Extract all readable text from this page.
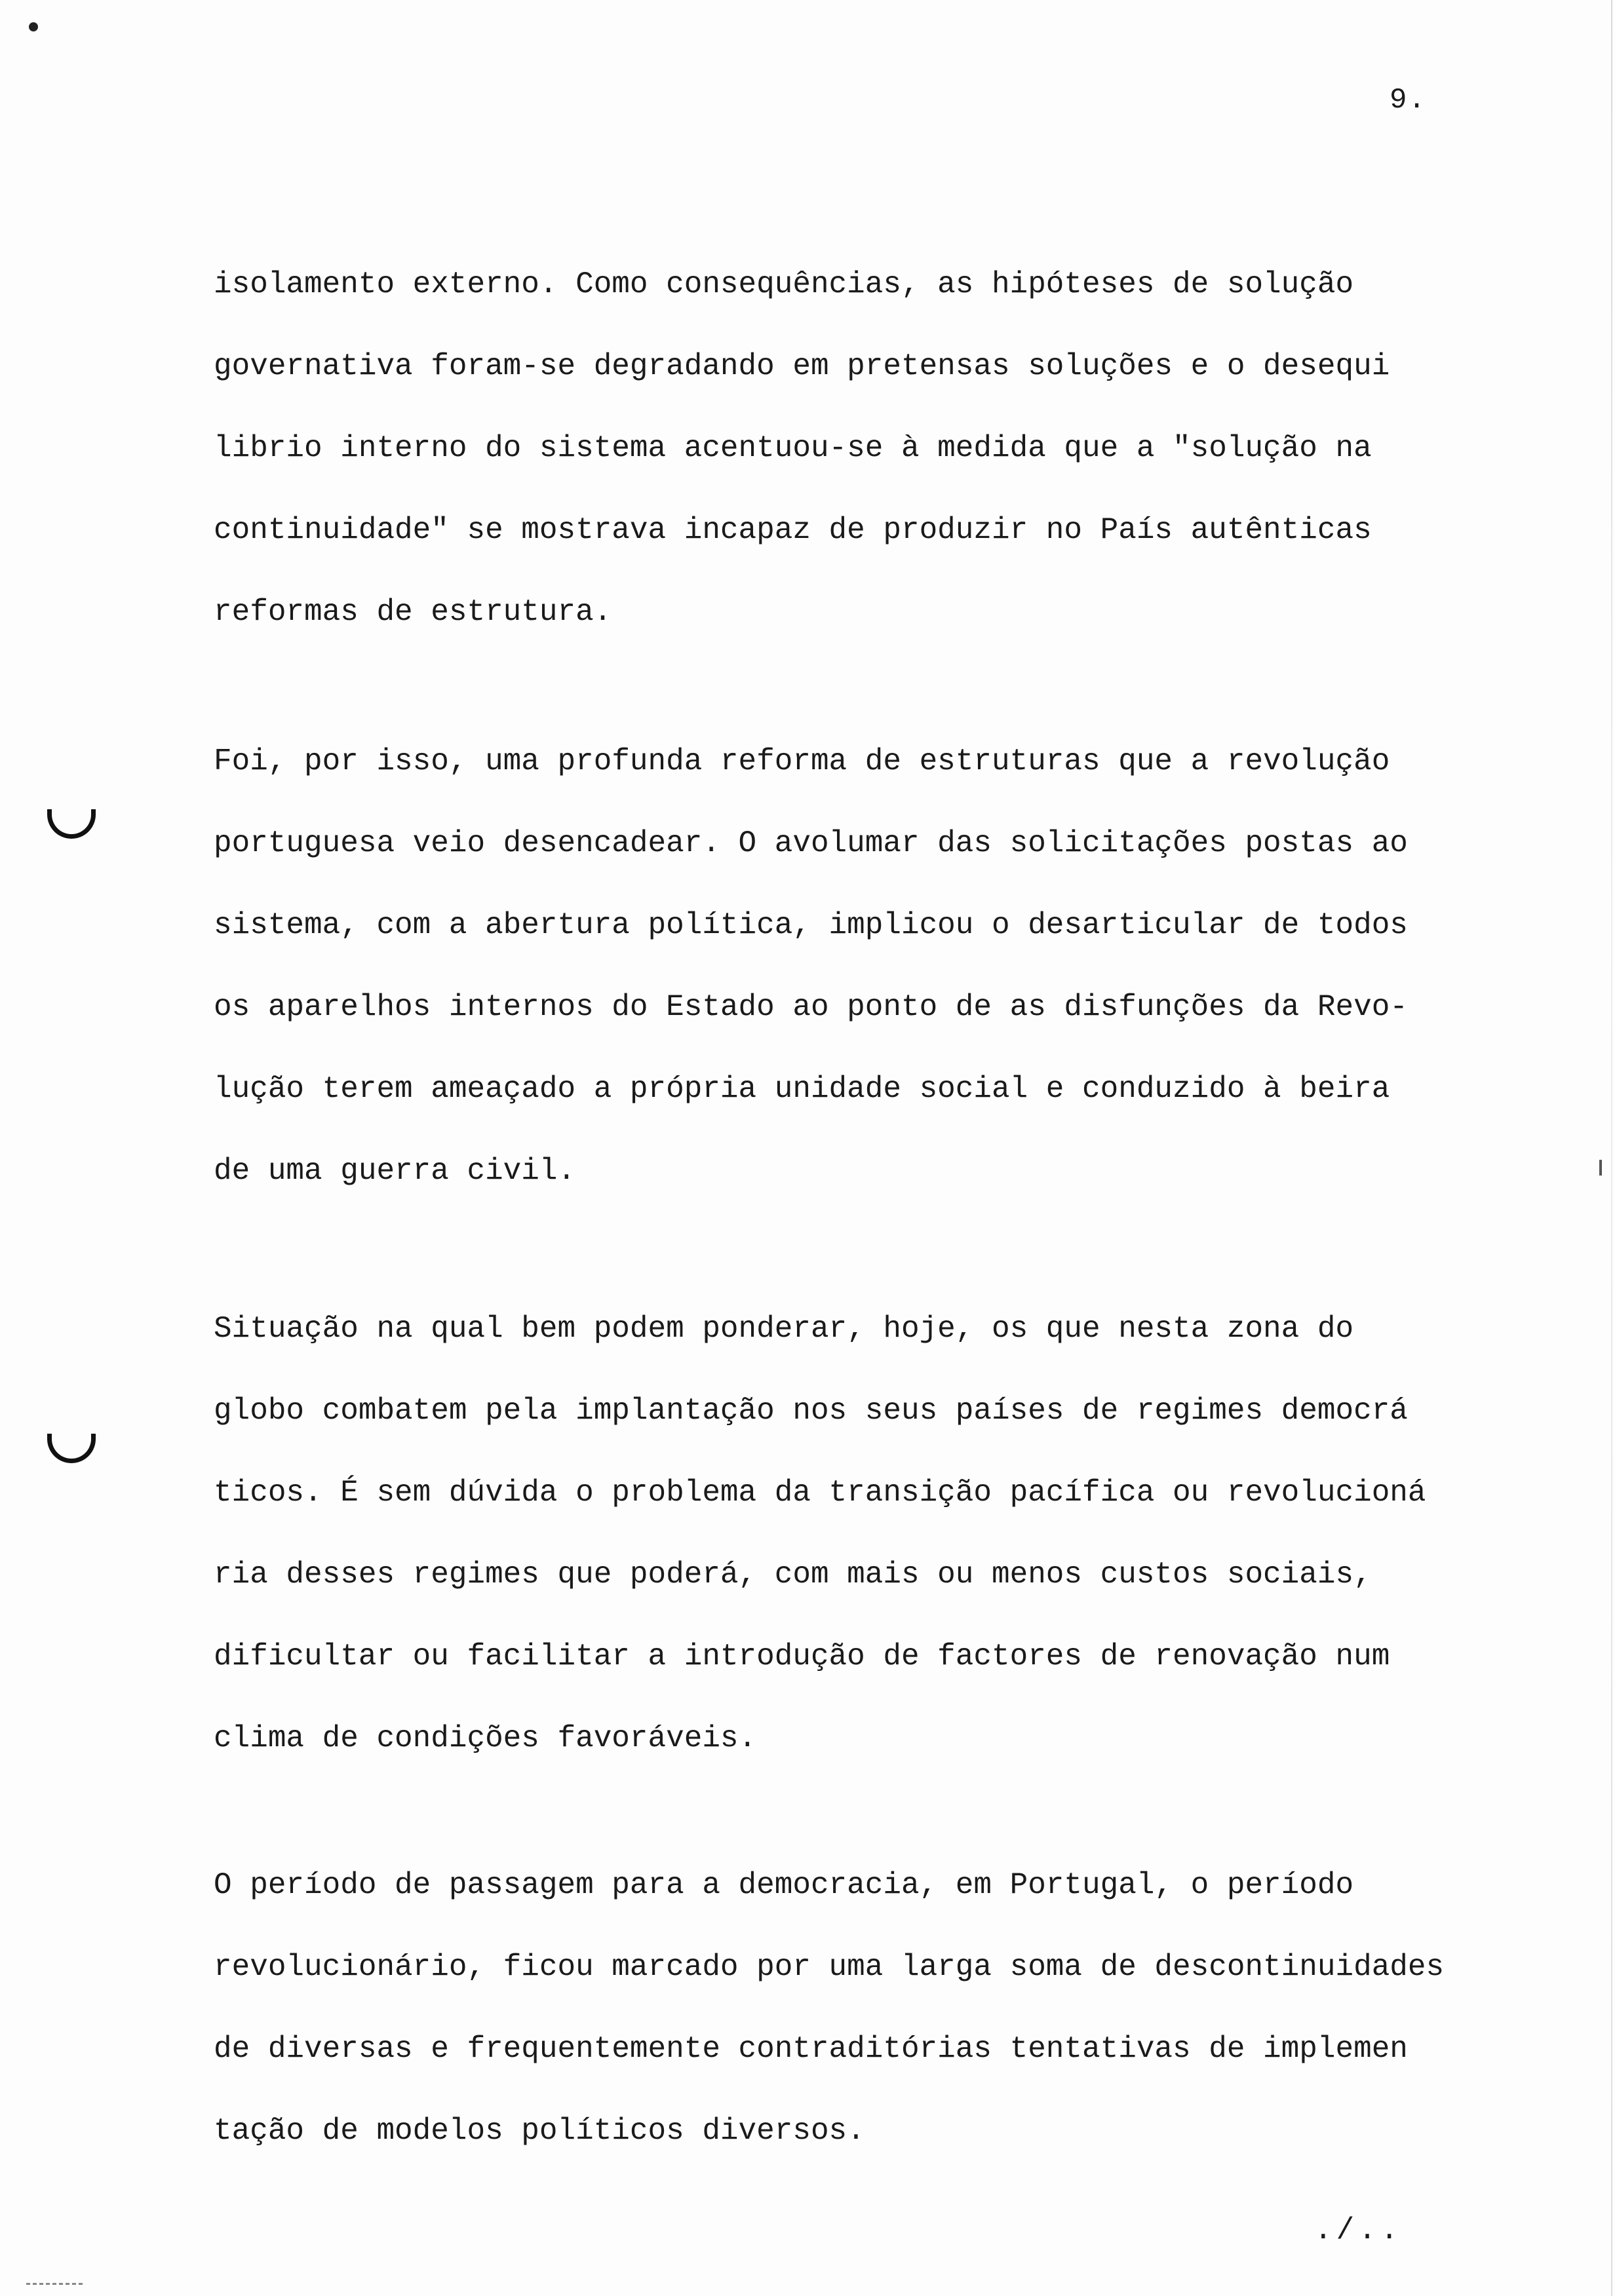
9.
isolamento externo. Como consequências, as hipóteses de solução
governativa foram-se degradando em pretensas soluções e o desequi
librio interno do sistema acentuou-se à medida que a "solução na
continuidade" se mostrava incapaz de produzir no País autênticas
reformas de estrutura.
Foi, por isso, uma profunda reforma de estruturas que a revolução
portuguesa veio desencadear. O avolumar das solicitações postas ao
sistema, com a abertura política, implicou o desarticular de todos
os aparelhos internos do Estado ao ponto de as disfunções da Revo-
lução terem ameaçado a própria unidade social e conduzido à beira
de uma guerra civil.
Situação na qual bem podem ponderar, hoje, os que nesta zona do
globo combatem pela implantação nos seus países de regimes democrá
ticos. É sem dúvida o problema da transição pacífica ou revolucioná
ria desses regimes que poderá, com mais ou menos custos sociais,
dificultar ou facilitar a introdução de factores de renovação num
clima de condições favoráveis.
O período de passagem para a democracia, em Portugal, o período
revolucionário, ficou marcado por uma larga soma de descontinuidades
de diversas e frequentemente contraditórias tentativas de implemen
tação de modelos políticos diversos.
./..
